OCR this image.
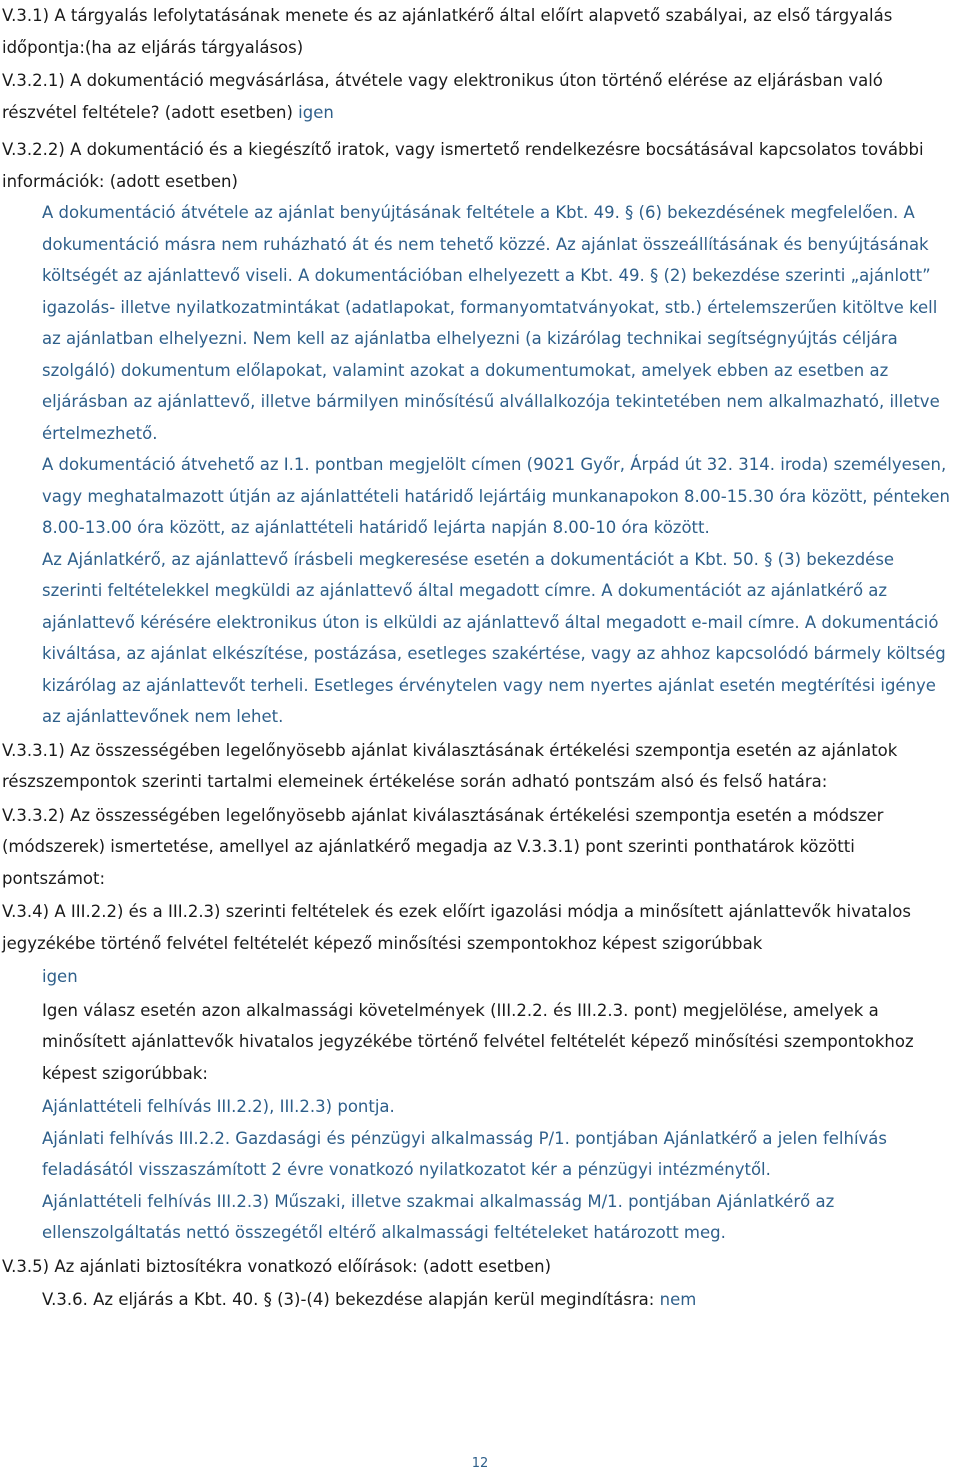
V.3.1) A tárgyalás lefolytatásának menete és az ajánlatkérő által előírt alapvető szabályai, az első tárgyalás időpontja:(ha az eljárás tárgyalásos)

V.3.2.1) A dokumentáció megvásárlása, átvétele vagy elektronikus úton történő elérése az eljárásban való részvétel feltétele? (adott esetben) igen

V.3.2.2) A dokumentáció és a kiegészítő iratok, vagy ismertető rendelkezésre bocsátásával kapcsolatos további információk: (adott esetben)

A dokumentáció átvétele az ajánlat benyújtásának feltétele a Kbt. 49. § (6) bekezdésének megfelelően. A dokumentáció másra nem ruházható át és nem tehető közzé. Az ajánlat összeállításának és benyújtásának költségét az ajánlattevő viseli. A dokumentációban elhelyezett a Kbt. 49. § (2) bekezdése szerinti „ajánlott” igazolás- illetve nyilatkozatmintákat (adatlapokat, formanyomtatványokat, stb.) értelemszerűen kitöltve kell az ajánlatban elhelyezni. Nem kell az ajánlatba elhelyezni (a kizárólag technikai segítségnyújtás céljára szolgáló) dokumentum előlapokat, valamint azokat a dokumentumokat, amelyek ebben az esetben az eljárásban az ajánlattevő, illetve bármilyen minősítésű alvállalkozója tekintetében nem alkalmazható, illetve értelmezhető.

A dokumentáció átvehető az I.1. pontban megjelölt címen (9021 Győr, Árpád út 32. 314. iroda) személyesen, vagy meghatalmazott útján az ajánlattételi határidő lejártáig munkanapokon 8.00-15.30 óra között, pénteken 8.00-13.00 óra között, az ajánlattételi határidő lejárta napján 8.00-10 óra között.

Az Ajánlatkérő, az ajánlattevő írásbeli megkeresése esetén a dokumentációt a Kbt. 50. § (3) bekezdése szerinti feltételekkel megküldi az ajánlattevő által megadott címre. A dokumentációt az ajánlatkérő az ajánlattevő kérésére elektronikus úton is elküldi az ajánlattevő által megadott e-mail címre. A dokumentáció kiváltása, az ajánlat elkészítése, postázása, esetleges szakértése, vagy az ahhoz kapcsolódó bármely költség kizárólag az ajánlattevőt terheli. Esetleges érvénytelen vagy nem nyertes ajánlat esetén megtérítési igénye az ajánlattevőnek nem lehet.

V.3.3.1) Az összességében legelőnyösebb ajánlat kiválasztásának értékelési szempontja esetén az ajánlatok részszempontok szerinti tartalmi elemeinek értékelése során adható pontszám alsó és felső határa:

V.3.3.2) Az összességében legelőnyösebb ajánlat kiválasztásának értékelési szempontja esetén a módszer (módszerek) ismertetése, amellyel az ajánlatkérő megadja az V.3.3.1) pont szerinti ponthatárok közötti pontszámot:

V.3.4) A III.2.2) és a III.2.3) szerinti feltételek és ezek előírt igazolási módja a minősített ajánlattevők hivatalos jegyzékébe történő felvétel feltételét képező minősítési szempontokhoz képest szigorúbbak

igen

Igen válasz esetén azon alkalmassági követelmények (III.2.2. és III.2.3. pont) megjelölése, amelyek a minősített ajánlattevők hivatalos jegyzékébe történő felvétel feltételét képező minősítési szempontokhoz képest szigorúbbak:

Ajánlattételi felhívás III.2.2), III.2.3) pontja.

Ajánlati felhívás III.2.2. Gazdasági és pénzügyi alkalmasság P/1. pontjában Ajánlatkérő a jelen felhívás feladásától visszaszámított 2 évre vonatkozó nyilatkozatot kér a pénzügyi intézménytől.

Ajánlattételi felhívás III.2.3) Műszaki, illetve szakmai alkalmasság M/1. pontjában Ajánlatkérő az ellenszolgáltatás nettó összegétől eltérő alkalmassági feltételeket határozott meg.

V.3.5) Az ajánlati biztosítékra vonatkozó előírások: (adott esetben)

V.3.6. Az eljárás a Kbt. 40. § (3)-(4) bekezdése alapján kerül megindításra: nem

12
